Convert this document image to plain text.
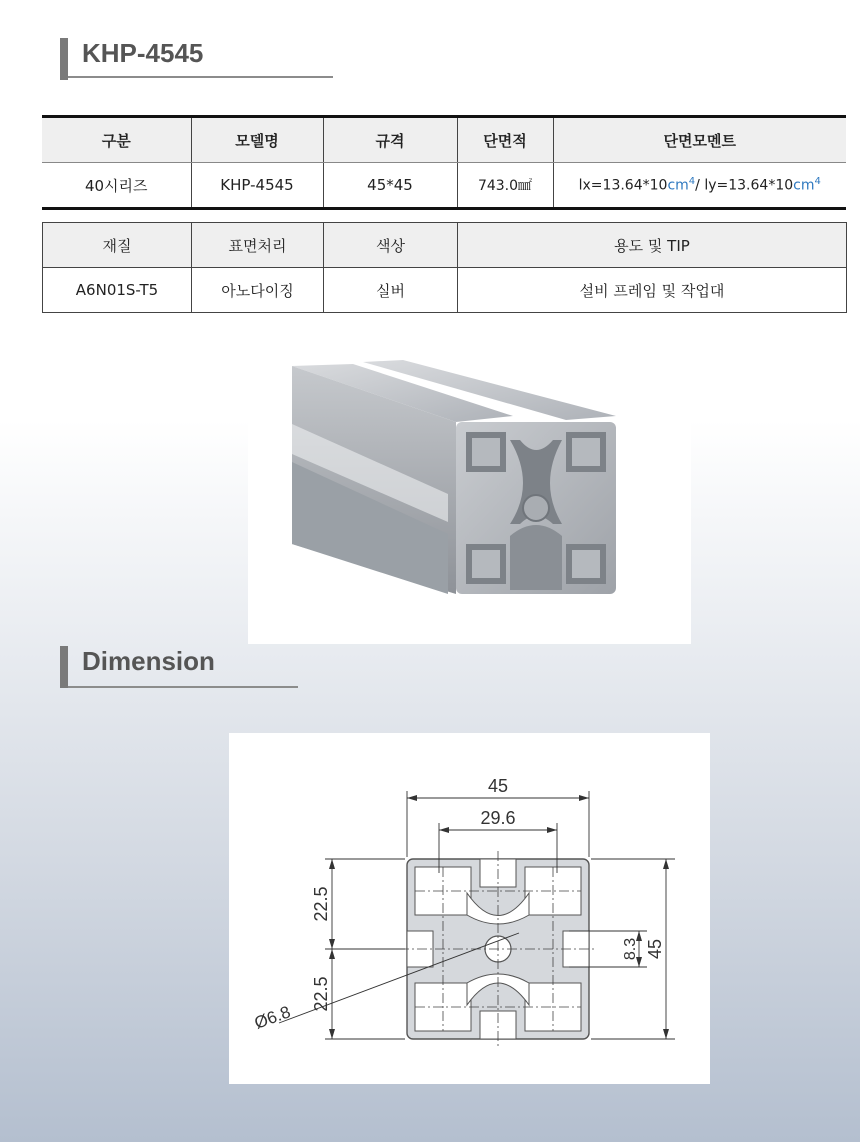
KHP-4545
구분	모델명	규격	단면적	단면모멘트
40시리즈	KHP-4545	45*45	743.0㎟	$lx=13.64*10cm^4/$ $ly=13.64*10cm^4$
재질	표면처리	색상	용도 및 TIP
A6N01S-T5	아노다이징	실버	설비 프레임 및 작업대
Dimension
45
29.6
22.5
22.5
45
8.3
Ø6.8
